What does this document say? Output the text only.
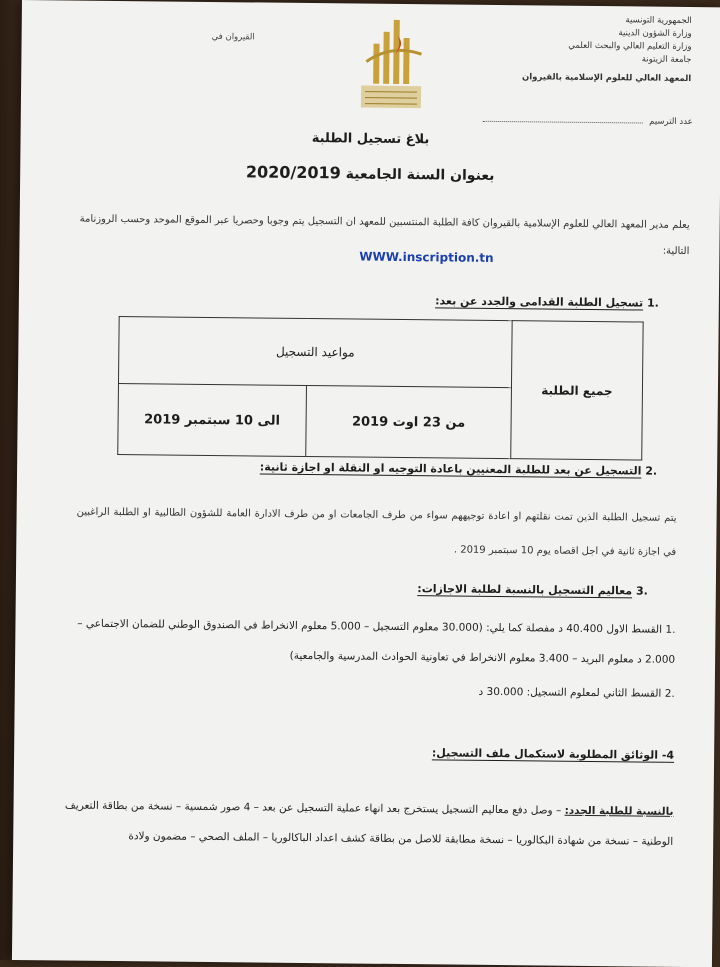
الجمهورية التونسية
وزارة الشؤون الدينية
وزارة التعليم العالي والبحث العلمي
جامعة الزيتونة
المعهد العالي للعلوم الإسلامية بالقيروان
القيروان في
عدد الترسيم
بلاغ تسجيل الطلبة
بعنوان السنة الجامعية 2020/2019
يعلم مدير المعهد العالي للعلوم الإسلامية بالقيروان كافة الطلبة المنتسبين للمعهد ان التسجيل يتم وجوبا وحصريا عبر الموقع الموحد وحسب الروزنامة التالية:
WWW.inscription.tn
.1 تسجيل الطلبة القدامى والجدد عن بعد:
جميع الطلبة	مواعيد التسجيل	
	من 23 اوت 2019	الى 10 سبتمبر 2019
.2 التسجيل عن بعد للطلبة المعنيين باعادة التوجيه او النقلة او اجازة ثانية:
يتم تسجيل الطلبة الذين تمت نقلتهم او اعادة توجيههم سواء من طرف الجامعات او من طرف الادارة العامة للشؤون الطالبية او الطلبة الراغبين في اجازة ثانية في اجل اقصاه يوم 10 سبتمبر 2019 .
.3 معاليم التسجيل بالنسبة لطلبة الاجازات:
.1 القسط الاول 40.400 د مفصلة كما يلي: (30.000 معلوم التسجيل – 5.000 معلوم الانخراط في الصندوق الوطني للضمان الاجتماعي – 2.000 د معلوم البريد – 3.400 معلوم الانخراط في تعاونية الحوادث المدرسية والجامعية)
.2 القسط الثاني لمعلوم التسجيل: 30.000 د
4- الوثائق المطلوبة لاستكمال ملف التسجيل:
بالنسبة للطلبة الجدد: – وصل دفع معاليم التسجيل يستخرج بعد انهاء عملية التسجيل عن بعد – 4 صور شمسية – نسخة من بطاقة التعريف الوطنية – نسخة من شهادة البكالوريا – نسخة مطابقة للاصل من بطاقة كشف اعداد الباكالوريا – الملف الصحي – مضمون ولادة
